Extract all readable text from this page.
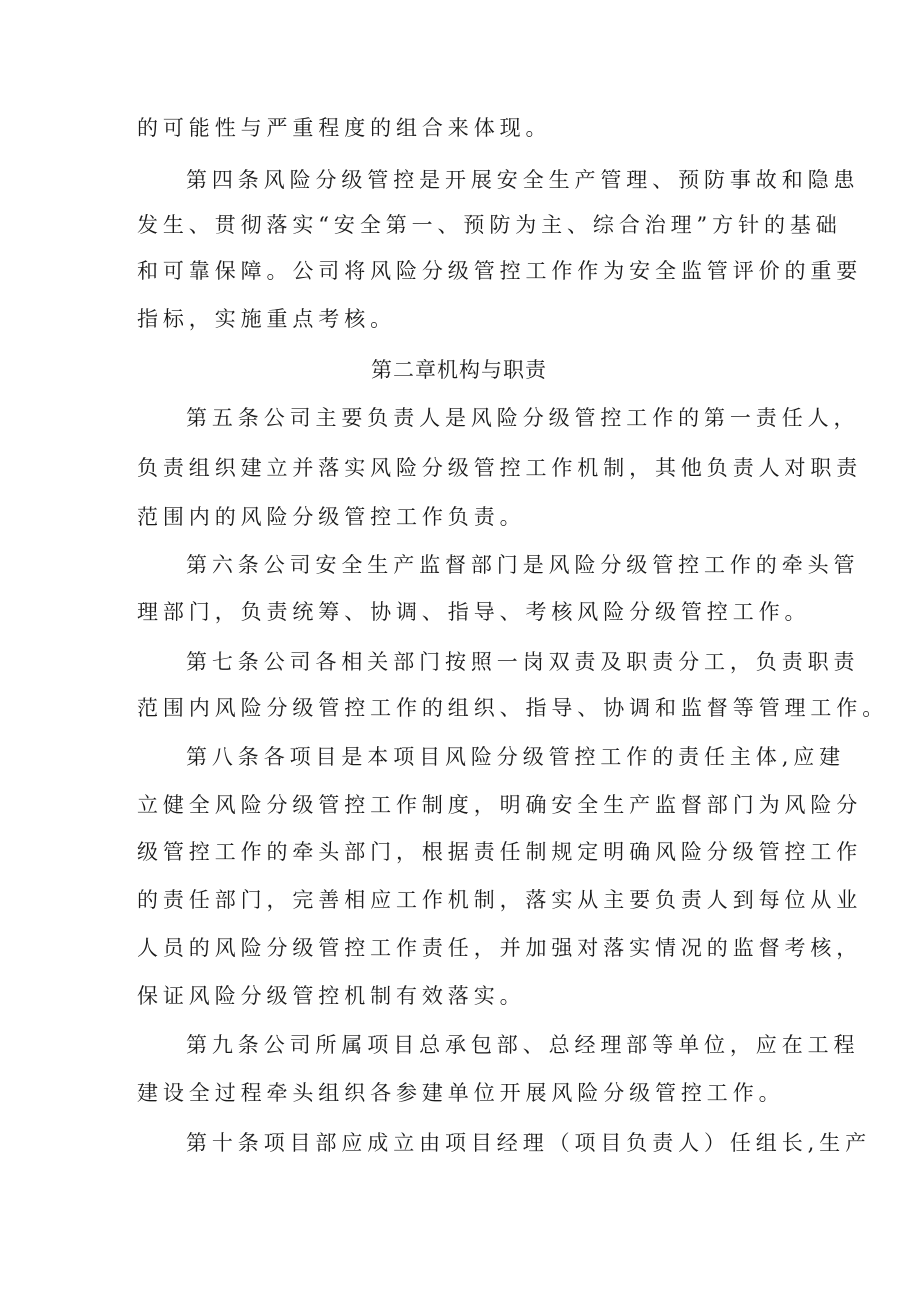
的可能性与严重程度的组合来体现。
第四条风险分级管控是开展安全生产管理、预防事故和隐患
发生、贯彻落实“安全第一、预防为主、综合治理”方针的基础
和可靠保障。公司将风险分级管控工作作为安全监管评价的重要
指标，实施重点考核。
第二章机构与职责
第五条公司主要负责人是风险分级管控工作的第一责任人，
负责组织建立并落实风险分级管控工作机制，其他负责人对职责
范围内的风险分级管控工作负责。
第六条公司安全生产监督部门是风险分级管控工作的牵头管
理部门，负责统筹、协调、指导、考核风险分级管控工作。
第七条公司各相关部门按照一岗双责及职责分工，负责职责
范围内风险分级管控工作的组织、指导、协调和监督等管理工作。
第八条各项目是本项目风险分级管控工作的责任主体,应建
立健全风险分级管控工作制度，明确安全生产监督部门为风险分
级管控工作的牵头部门，根据责任制规定明确风险分级管控工作
的责任部门，完善相应工作机制，落实从主要负责人到每位从业
人员的风险分级管控工作责任，并加强对落实情况的监督考核，
保证风险分级管控机制有效落实。
第九条公司所属项目总承包部、总经理部等单位，应在工程
建设全过程牵头组织各参建单位开展风险分级管控工作。
第十条项目部应成立由项目经理（项目负责人）任组长,生产
